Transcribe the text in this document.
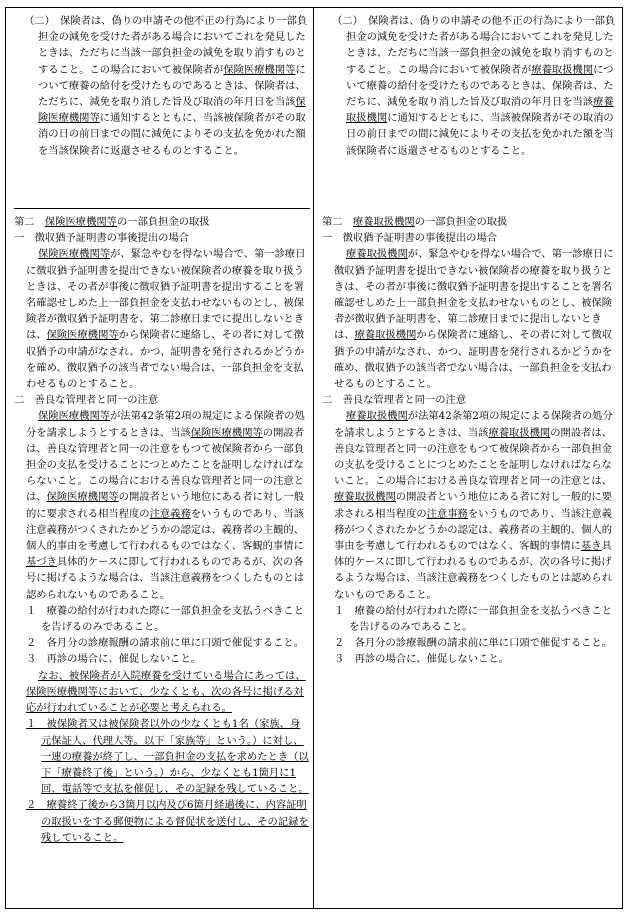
（二）　保険者は、偽りの申請その他不正の行為により一部負担金の減免を受けた者がある場合においてこれを発見したときは、ただちに当該一部負担金の減免を取り消すものとすること。この場合において被保険者が保険医療機関等について療養の給付を受けたものであるときは、保険者は、ただちに、減免を取り消した旨及び取消の年月日を当該保険医療機関等に通知するとともに、当該被保険者がその取消の日の前日までの間に減免によりその支払を免かれた額を当該保険者に返還させるものとすること。

第二　保険医療機関等の一部負担金の取扱

一　徴収猶予証明書の事後提出の場合

保険医療機関等が、緊急やむを得ない場合で、第一診療日に徴収猶予証明書を提出できない被保険者の療養を取り扱うときは、その者が事後に徴収猶予証明書を提出することを署名確認せしめた上一部負担金を支払わせないものとし、被保険者が徴収猶予証明書を、第二診療日までに提出しないときは、保険医療機関等から保険者に連絡し、その者に対して徴収猶予の申請がなされ、かつ、証明書を発行されるかどうかを確め、徴収猶予の該当者でない場合は、一部負担金を支払わせるものとすること。

二　善良な管理者と同一の注意

保険医療機関等が法第42条第2項の規定による保険者の処分を請求しようとするときは、当該保険医療機関等の開設者は、善良な管理者と同一の注意をもつて被保険者から一部負担金の支払を受けることにつとめたことを証明しなければならないこと。この場合における善良な管理者と同一の注意とは、保険医療機関等の開設者という地位にある者に対し一般的に要求される相当程度の注意義務をいうものであり、当該注意義務がつくされたかどうかの認定は、義務者の主観的、個人的事由を考慮して行われるものではなく、客観的事情に基づき具体的ケースに即して行われるものであるが、次の各号に掲げるような場合は、当該注意義務をつくしたものとは認められないものであること。

１　療養の給付が行われた際に一部負担金を支払うべきことを告げるのみであること。

２　各月分の診療報酬の請求前に単に口頭で催促すること。

３　再診の場合に、催促しないこと。

なお、被保険者が入院療養を受けている場合にあっては、保険医療機関等において、少なくとも、次の各号に掲げる対応が行われていることが必要と考えられる。

１　被保険者又は被保険者以外の少なくとも1名（家族、身元保証人、代理人等。以下「家族等」という。）に対し、一連の療養が終了し、一部負担金の支払を求めたとき（以下「療養終了後」という。）から、少なくとも1箇月に1回、電話等で支払を催促し、その記録を残していること。

２　療養終了後から3箇月以内及び6箇月経過後に、内容証明の取扱いをする郵便物による督促状を送付し、その記録を残していること。

（二）　保険者は、偽りの申請その他不正の行為により一部負担金の減免を受けた者がある場合においてこれを発見したときは、ただちに当該一部負担金の減免を取り消すものとすること。この場合において被保険者が療養取扱機関について療養の給付を受けたものであるときは、保険者は、ただちに、減免を取り消した旨及び取消の年月日を当該療養取扱機関に通知するとともに、当該被保険者がその取消の日の前日までの間に減免によりその支払を免かれた額を当該保険者に返還させるものとすること。

第二　療養取扱機関の一部負担金の取扱

一　徴収猶予証明書の事後提出の場合

療養取扱機関が、緊急やむを得ない場合で、第一診療日に徴収猶予証明書を提出できない被保険者の療養を取り扱うときは、その者が事後に徴収猶予証明書を提出することを署名確認せしめた上一部負担金を支払わせないものとし、被保険者が徴収猶予証明書を、第二診療日までに提出しないときは、療養取扱機関から保険者に連絡し、その者に対して徴収猶予の申請がなされ、かつ、証明書を発行されるかどうかを確め、徴収猶予の該当者でない場合は、一部負担金を支払わせるものとすること。

二　善良な管理者と同一の注意

療養取扱機関が法第42条第2項の規定による保険者の処分を請求しようとするときは、当該療養取扱機関の開設者は、善良な管理者と同一の注意をもつて被保険者から一部負担金の支払を受けることにつとめたことを証明しなければならないこと。この場合における善良な管理者と同一の注意とは、療養取扱機関の開設者という地位にある者に対し一般的に要求される相当程度の注意事務をいうものであり、当該注意義務がつくされたかどうかの認定は、義務者の主観的、個人的事由を考慮して行われるものではなく、客観的事情に基き具体的ケースに即して行われるものであるが、次の各号に掲げるような場合は、当該注意義務をつくしたものとは認められないものであること。

１　療養の給付が行われた際に一部負担金を支払うべきことを告げるのみであること。

２　各月分の診療報酬の請求前に単に口頭で催促すること。

３　再診の場合に、催促しないこと。
